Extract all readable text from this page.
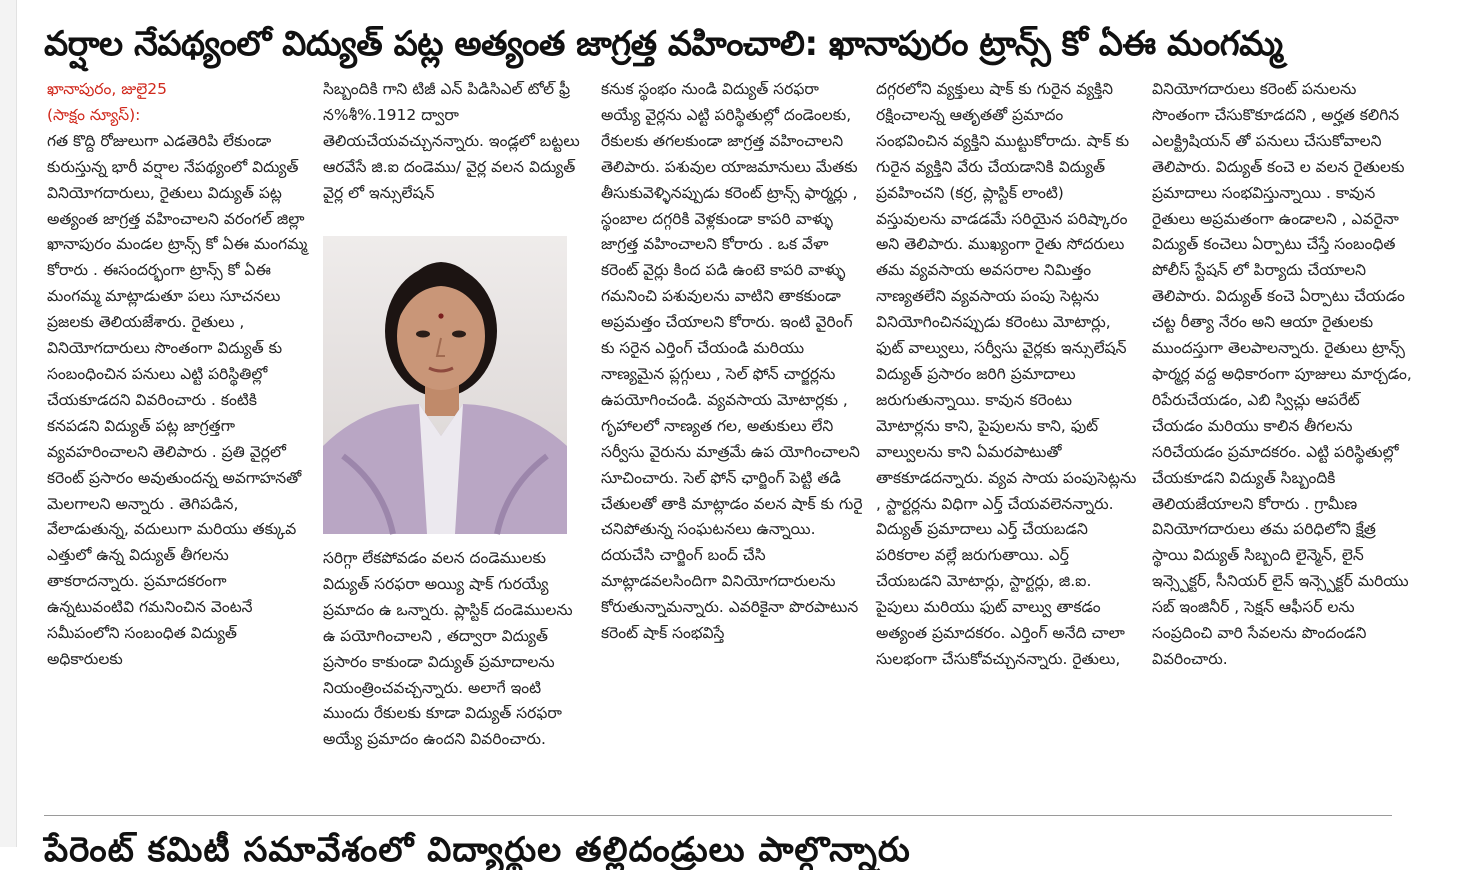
వర్షాల నేపథ్యంలో విద్యుత్ పట్ల అత్యంత జాగ్రత్త వహించాలి: ఖానాపురం ట్రాన్స్ కో ఏఈ మంగమ్మ

ఖానాపురం, జులై25
(సాక్షం న్యూస్):
గత కొద్ది రోజులుగా ఎడతెరిపి లేకుండా కురుస్తున్న భారీ వర్షాల నేపథ్యంలో విద్యుత్ వినియోగదారులు, రైతులు విద్యుత్ పట్ల అత్యంత జాగ్రత్త వహించాలని వరంగల్ జిల్లా ఖానాపురం మండల ట్రాన్స్ కో ఏఈ మంగమ్మ కోరారు . ఈసందర్భంగా ట్రాన్స్ కో ఏఈ మంగమ్మ మాట్లాడుతూ పలు సూచనలు ప్రజలకు తెలియజేశారు. రైతులు , వినియోగదారులు సొంతంగా విద్యుత్ కు సంబంధించిన పనులు ఎట్టి పరిస్థితిల్లో చేయకూడదని వివరించారు . కంటికి కనపడని విద్యుత్ పట్ల జాగ్రత్తగా వ్యవహరించాలని తెలిపారు . ప్రతి వైర్లలో కరెంట్ ప్రసారం అవుతుందన్న అవగాహనతో మెలగాలని అన్నారు . తెగిపడిన, వేలాడుతున్న, వదులుగా మరియు తక్కువ ఎత్తులో ఉన్న విద్యుత్ తీగలను తాకరాదన్నారు. ప్రమాదకరంగా ఉన్నటువంటివి గమనించిన వెంటనే సమీపంలోని సంబంధిత విద్యుత్ అధికారులకు

సిబ్బందికి గాని టిజీ ఎన్ పిడిసిఎల్ టోల్ ఫ్రీ న%శీ%.1912 ద్వారా తెలియచేయవచ్చునన్నారు. ఇండ్లలో బట్టలు ఆరవేసే జి.ఐ దండెము/ వైర్ల వలన విద్యుత్ వైర్ల లో ఇన్సులేషన్

సరిగ్గా లేకపోవడం వలన దండెములకు విద్యుత్ సరఫరా అయ్యి షాక్ గురయ్యే ప్రమాదం ఉ ఒన్నారు. ప్లాస్టిక్ దండెములను ఉ పయోగించాలని , తద్వారా విద్యుత్ ప్రసారం కాకుండా విద్యుత్ ప్రమాదాలను నియంత్రించవచ్చన్నారు. అలాగే ఇంటి ముందు రేకులకు కూడా విద్యుత్ సరఫరా అయ్యే ప్రమాదం ఉందని వివరించారు.

కనుక స్థంభం నుండి విద్యుత్ సరఫరా అయ్యే వైర్లను ఎట్టి పరిస్థితుల్లో దండెంలకు, రేకులకు తగలకుండా జాగ్రత్త వహించాలని తెలిపారు. పశువుల యాజమానులు మేతకు తీసుకువెళ్ళినప్పుడు కరెంట్ ట్రాన్స్ ఫార్మర్లు , స్థంబాల దగ్గరికి వెళ్లకుండా కాపరి వాళ్ళు జాగ్రత్త వహించాలని కోరారు . ఒక వేళా కరెంట్ వైర్లు కింద పడి ఉంటె కాపరి వాళ్ళు గమనించి పశువులను వాటిని తాకకుండా అప్రమత్తం చేయాలని కోరారు. ఇంటి వైరింగ్ కు సరైన ఎర్తింగ్ చేయండి మరియు నాణ్యమైన ప్లగ్గులు , సెల్ ఫోన్ చార్జర్లను ఉపయోగించండి. వ్యవసాయ మోటార్లకు , గృహాలలో నాణ్యత గల, అతుకులు లేని సర్వీసు వైరును మాత్రమే ఉప యోగించాలని సూచించారు. సెల్ ఫోన్ ఛార్జింగ్ పెట్టి తడి చేతులతో తాకి మాట్లాడం వలన షాక్ కు గురై చనిపోతున్న సంఘటనలు ఉన్నాయి. దయచేసి చార్జింగ్ బంద్ చేసి మాట్లాడవలసిందిగా వినియోగదారులను కోరుతున్నామన్నారు. ఎవరికైనా పొరపాటున కరెంట్ షాక్ సంభవిస్తే

దగ్గరలోని వ్యక్తులు షాక్ కు గురైన వ్యక్తిని రక్షించాలన్న ఆతృతతో ప్రమాదం సంభవించిన వ్యక్తిని ముట్టుకోరాదు. షాక్ కు గురైన వ్యక్తిని వేరు చేయడానికి విద్యుత్ ప్రవహించని (కర్ర, ప్లాస్టిక్ లాంటి) వస్తువులను వాడడమే సరియైన పరిష్కారం అని తెలిపారు. ముఖ్యంగా రైతు సోదరులు తమ వ్యవసాయ అవసరాల నిమిత్తం నాణ్యతలేని వ్యవసాయ పంపు సెట్లను వినియోగించినప్పుడు కరెంటు మోటార్లు, ఫుట్ వాల్వులు, సర్వీసు వైర్లకు ఇన్సులేషన్ విద్యుత్ ప్రసారం జరిగి ప్రమాదాలు జరుగుతున్నాయి. కావున కరెంటు మోటార్లను కాని, పైపులను కాని, ఫుట్ వాల్వులను కాని ఏమరపాటుతో తాకకూడదన్నారు. వ్యవ సాయ పంపుసెట్లను , స్టార్టర్లను విధిగా ఎర్త్ చేయవలెనన్నారు. విద్యుత్ ప్రమాదాలు ఎర్త్ చేయబడని పరికరాల వల్లే జరుగుతాయి. ఎర్త్ చేయబడని మోటార్లు, స్టార్టర్లు, జి.ఐ. పైపులు మరియు ఫుట్ వాల్వు తాకడం అత్యంత ప్రమాదకరం. ఎర్తింగ్ అనేది చాలా సులభంగా చేసుకోవచ్చునన్నారు. రైతులు,

వినియోగదారులు కరెంట్ పనులను సొంతంగా చేసుకొకూడదని , అర్హత కలిగిన ఎలక్ట్రిషియన్ తో పనులు చేసుకోవాలని తెలిపారు. విద్యుత్ కంచె ల వలన రైతులకు ప్రమాదాలు సంభవిస్తున్నాయి . కావున రైతులు అప్రమతంగా ఉండాలని , ఎవరైనా విద్యుత్ కంచెలు ఏర్పాటు చేస్తే సంబంధిత పోలీస్ స్టేషన్ లో పిర్యాదు చేయాలని తెలిపారు. విద్యుత్ కంచె ఏర్పాటు చేయడం చట్ట రీత్యా నేరం అని ఆయా రైతులకు ముందస్తుగా తెలపాలన్నారు. రైతులు ట్రాన్స్ ఫార్మర్ల వద్ద అధికారంగా పూజులు మార్చడం, రిపేరుచేయడం, ఎబి స్విచ్లు ఆపరేట్ చేయడం మరియు కాలిన తీగలను సరిచేయడం ప్రమాదకరం. ఎట్టి పరిస్థితుల్లో చేయకూడని విద్యుత్ సిబ్బందికి తెలియజేయాలని కోరారు . గ్రామీణ వినియోగదారులు తమ పరిధిలోని క్షేత్ర స్థాయి విద్యుత్ సిబ్బంది లైన్మెన్, లైన్ ఇన్స్పెక్టర్, సీనియర్ లైన్ ఇన్స్పెక్టర్ మరియు సబ్ ఇంజినీర్ , సెక్షన్ ఆఫీసర్ లను సంప్రదించి వారి సేవలను పొందండని వివరించారు.

పేరెంట్ కమిటీ సమావేశంలో విద్యార్థుల తల్లిదండ్రులు పాల్గొన్నారు
